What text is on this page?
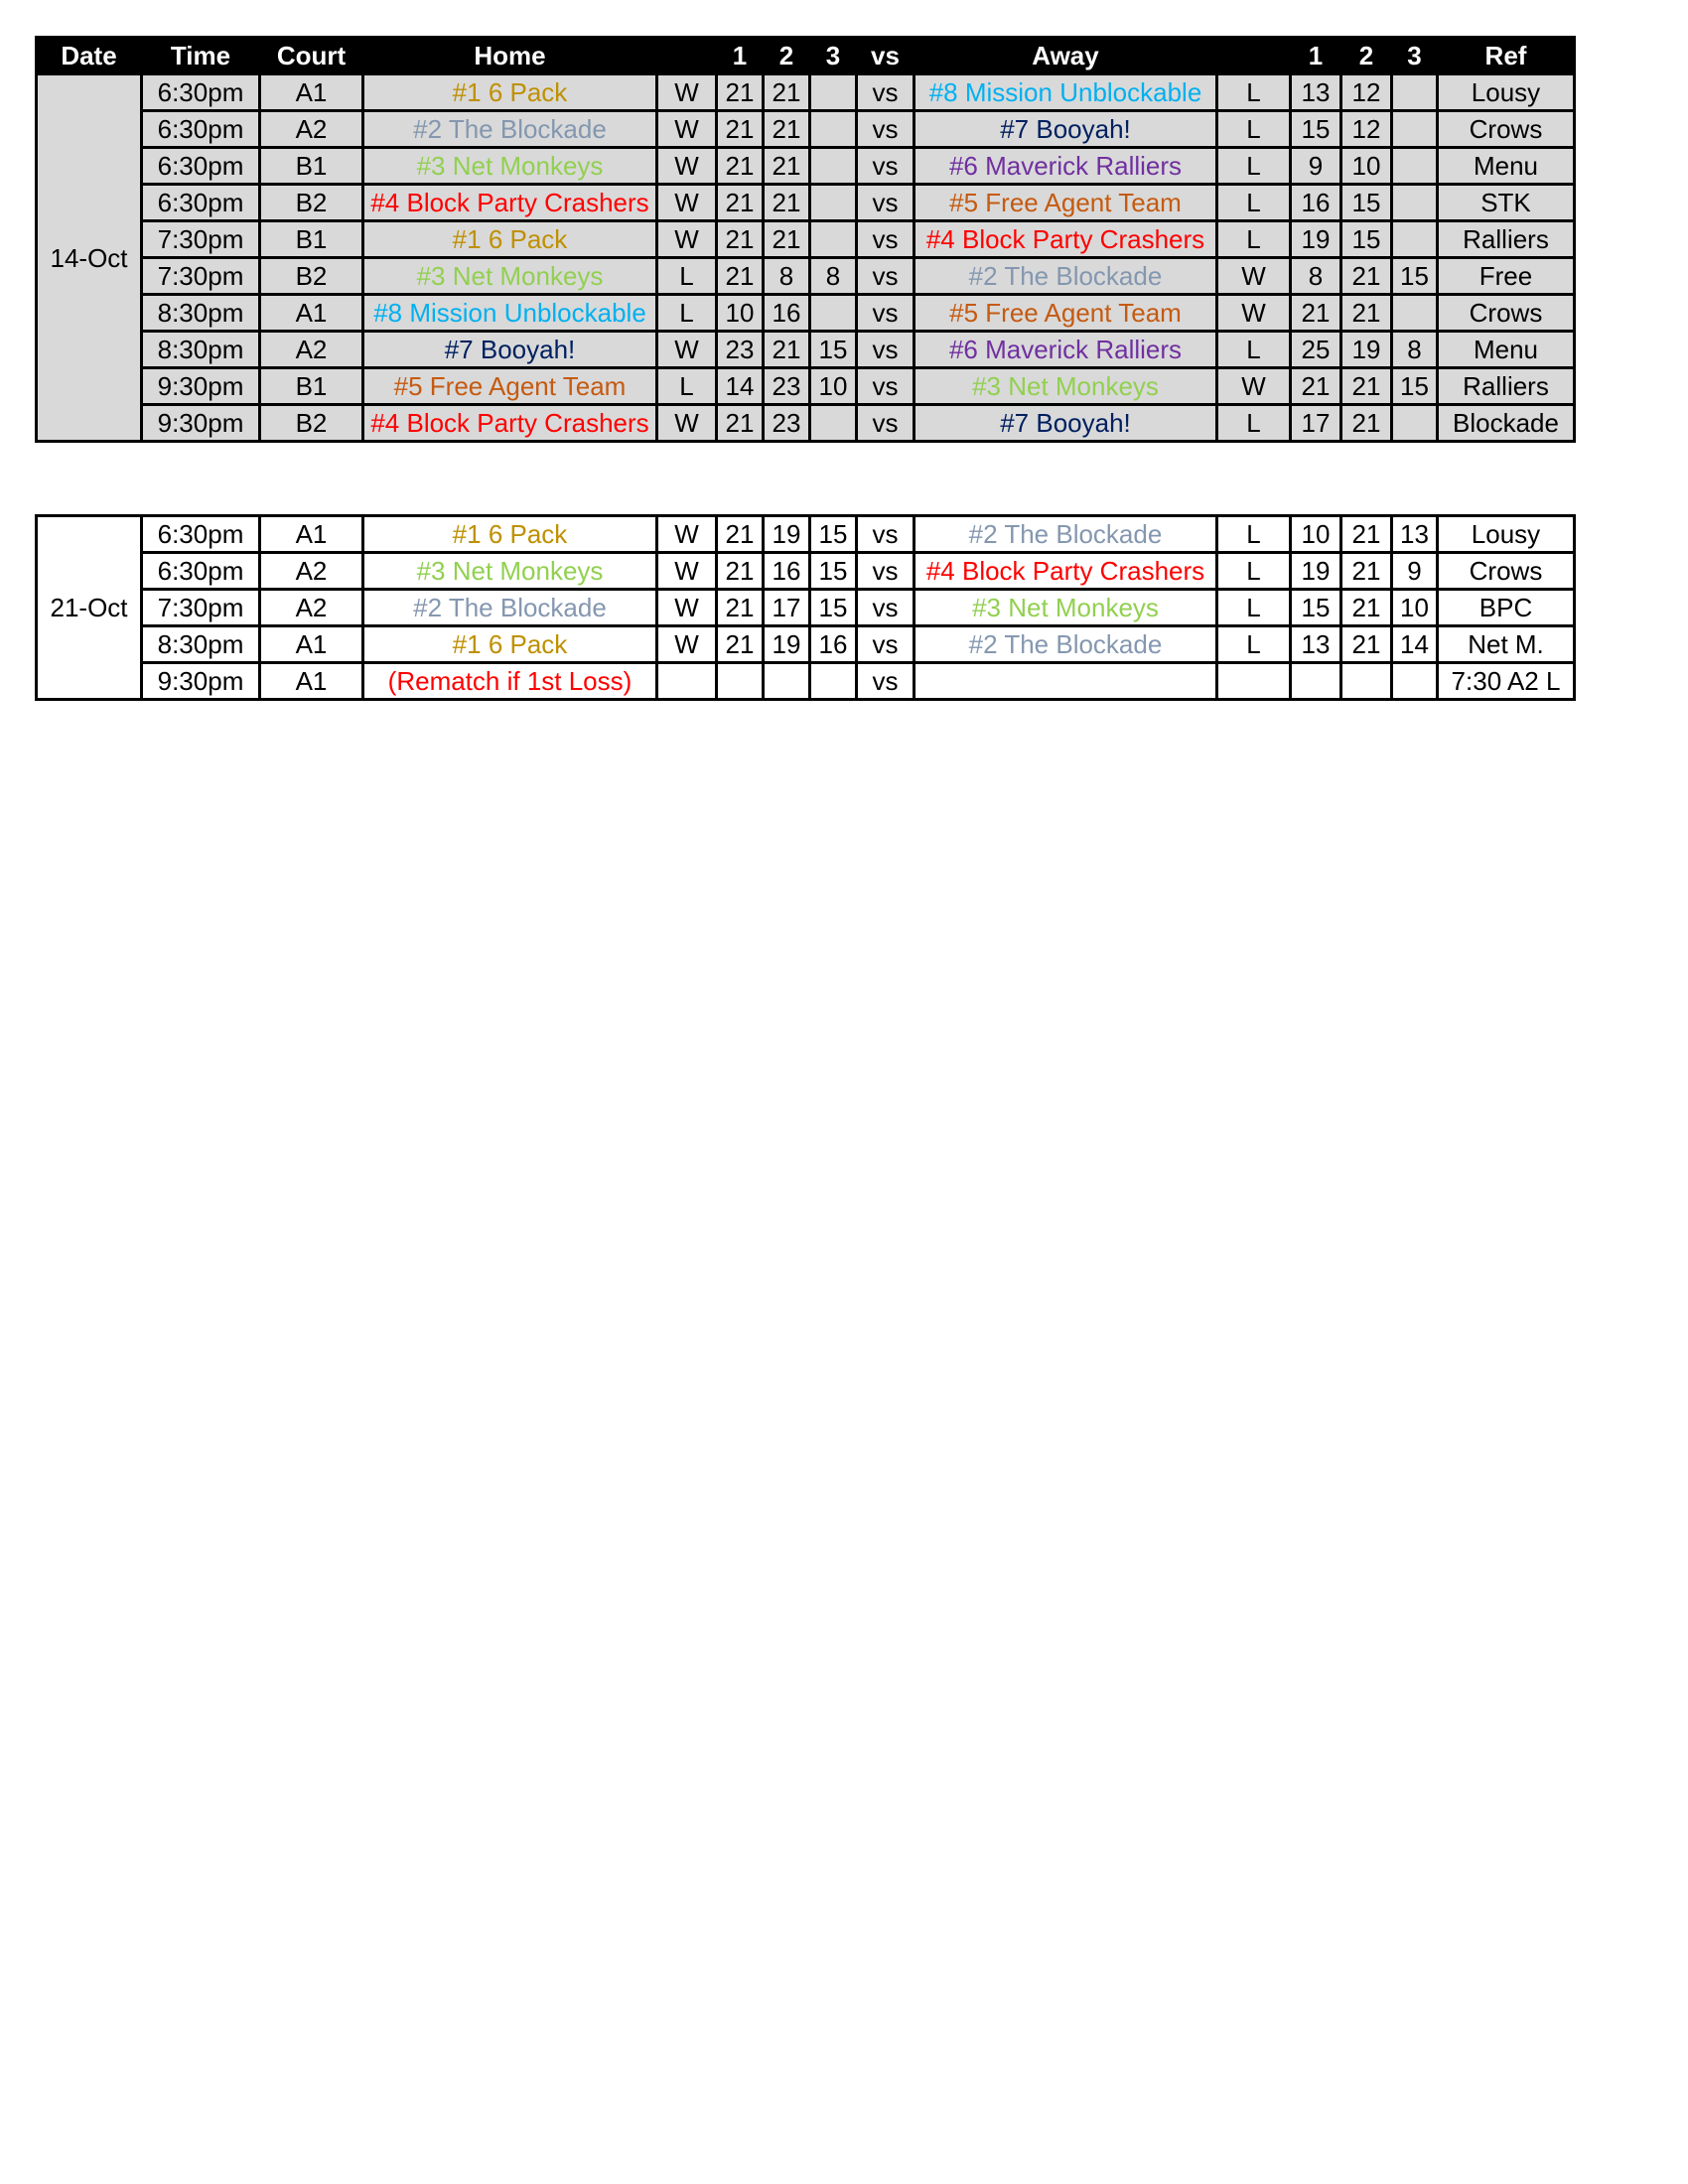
Date	Time	Court	Home		1	2	3	vs	Away		1	2	3	Ref
14-Oct	6:30pm	A1	#1 6 Pack	W	21	21		vs	#8 Mission Unblockable	L	13	12		Lousy
	6:30pm	A2	#2 The Blockade	W	21	21		vs	#7 Booyah!	L	15	12		Crows
	6:30pm	B1	#3 Net Monkeys	W	21	21		vs	#6 Maverick Ralliers	L	9	10		Menu
	6:30pm	B2	#4 Block Party Crashers	W	21	21		vs	#5 Free Agent Team	L	16	15		STK
	7:30pm	B1	#1 6 Pack	W	21	21		vs	#4 Block Party Crashers	L	19	15		Ralliers
	7:30pm	B2	#3 Net Monkeys	L	21	8	8	vs	#2 The Blockade	W	8	21	15	Free
	8:30pm	A1	#8 Mission Unblockable	L	10	16		vs	#5 Free Agent Team	W	21	21		Crows
	8:30pm	A2	#7 Booyah!	W	23	21	15	vs	#6 Maverick Ralliers	L	25	19	8	Menu
	9:30pm	B1	#5 Free Agent Team	L	14	23	10	vs	#3 Net Monkeys	W	21	21	15	Ralliers
	9:30pm	B2	#4 Block Party Crashers	W	21	23		vs	#7 Booyah!	L	17	21		Blockade
21-Oct	6:30pm	A1	#1 6 Pack	W	21	19	15	vs	#2 The Blockade	L	10	21	13	Lousy
	6:30pm	A2	#3 Net Monkeys	W	21	16	15	vs	#4 Block Party Crashers	L	19	21	9	Crows
	7:30pm	A2	#2 The Blockade	W	21	17	15	vs	#3 Net Monkeys	L	15	21	10	BPC
	8:30pm	A1	#1 6 Pack	W	21	19	16	vs	#2 The Blockade	L	13	21	14	Net M.
	9:30pm	A1	(Rematch if 1st Loss)					vs						7:30 A2 L
